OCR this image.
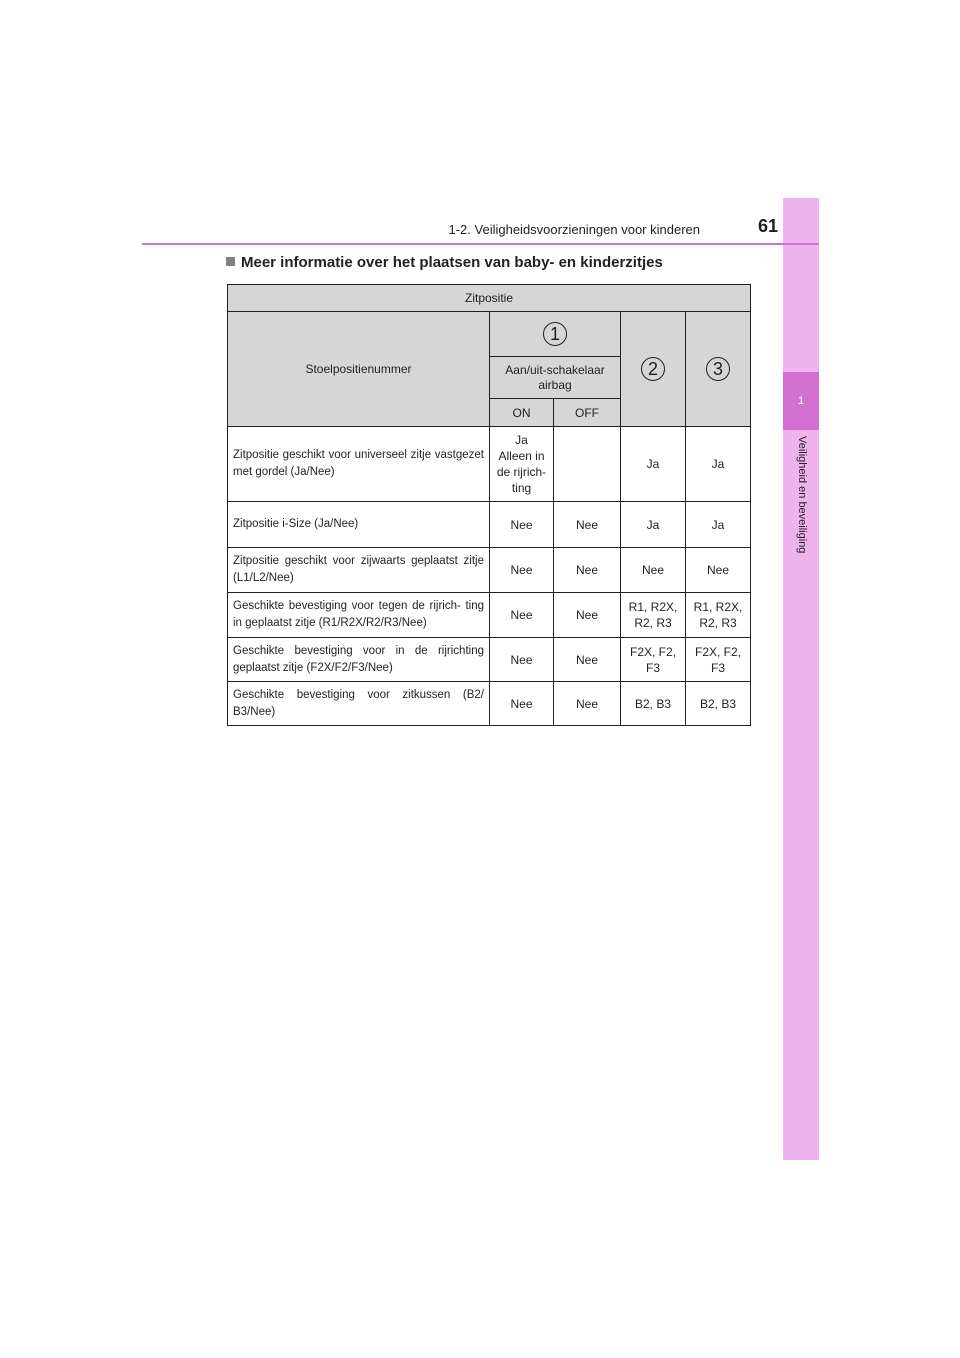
1
Veiligheid en beveiliging
1-2. Veiligheidsvoorzieningen voor kinderen	61
Meer informatie over het plaatsen van baby- en kinderzitjes
Zitpositie				
Stoelpositienummer	1		2	3
	Aan/uit-schakelaar airbag			
	ON	OFF		
Zitpositie geschikt voor universeel zitje vastgezet met gordel (Ja/Nee)	Ja
Alleen in
de rijrich-
ting		Ja	Ja
Zitpositie i-Size (Ja/Nee)	Nee	Nee	Ja	Ja
Zitpositie geschikt voor zijwaarts geplaatst zitje (L1/L2/Nee)	Nee	Nee	Nee	Nee
Geschikte bevestiging voor tegen de rijrich- ting in geplaatst zitje (R1/R2X/R2/R3/Nee)	Nee	Nee	R1, R2X,
R2, R3	R1, R2X,
R2, R3

Geschikte bevestiging voor in de rijrichting geplaatst zitje (F2X/F2/F3/Nee)	Nee	Nee	F2X, F2,
F3	F2X, F2,
F3

Geschikte bevestiging voor zitkussen (B2/ B3/Nee)	Nee	Nee	B2, B3	B2, B3
